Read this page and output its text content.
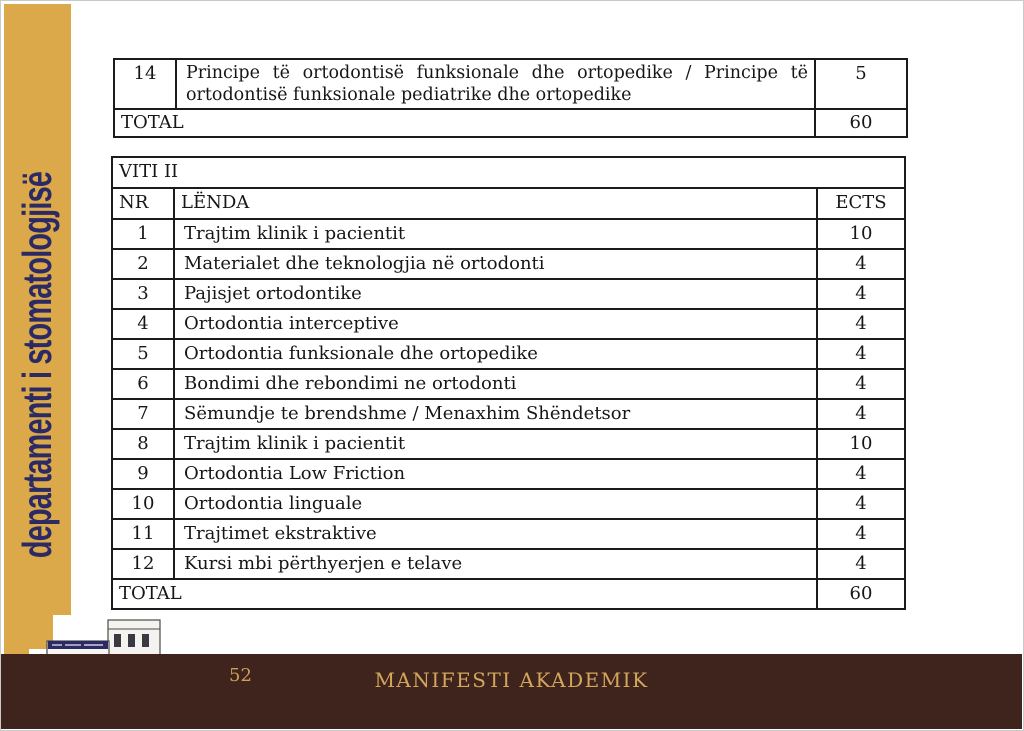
departamenti i stomatologjisë
14	Principe të ortodontisë funksionale dhe ortopedike / Principe të ortodontisë funksionale pediatrike dhe ortopedike	5
TOTAL		60
VITI II		
NR	LËNDA	ECTS
1	Trajtim klinik i pacientit	10
2	Materialet dhe teknologjia në ortodonti	4
3	Pajisjet ortodontike	4
4	Ortodontia interceptive	4
5	Ortodontia funksionale dhe ortopedike	4
6	Bondimi dhe rebondimi ne ortodonti	4
7	Sëmundje te brendshme / Menaxhim Shëndetsor	4
8	Trajtim klinik i pacientit	10
9	Ortodontia Low Friction	4
10	Ortodontia linguale	4
11	Trajtimet ekstraktive	4
12	Kursi mbi përthyerjen e telave	4
TOTAL		60
52	MANIFESTI AKADEMIK
